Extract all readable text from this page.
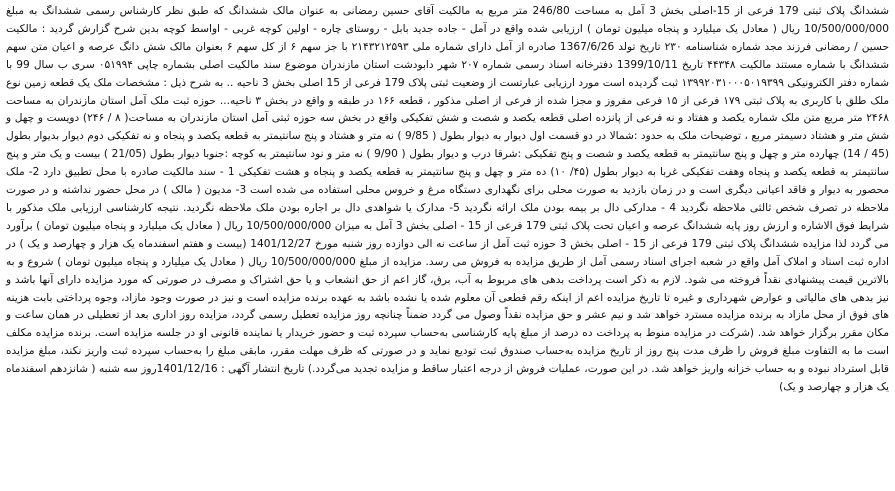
ششدانگ پلاک ثبتی 179 فرعی از 15-اصلی بخش 3 آمل به مساحت 246/80 متر مربع به مالکیت آقای حسین رمضانی به عنوان مالک ششدانگ که طبق نظر کارشناس رسمی ششدانگ به مبلغ 10/500/000/000 ریال ( معادل یک میلیارد و پنجاه میلیون تومان ) ارزیابی شده واقع در آمل - جاده جدید بابل - روستای چاره - اولین کوچه غربی - اواسط کوچه بدین شرح گزارش گردید : مالکیت حسین / رمضانی فرزند مجد شماره شناسنامه ۲۳۰ تاریخ تولد 1367/6/26 صادره از آمل دارای شماره ملی ۲۱۴۳۲۱۲۵۹۳ با جز سهم ۶ از کل سهم ۶ بعنوان مالک شش دانگ عرصه و اعیان متن سهم ششدانگ با شماره مستند مالکیت ۴۴۳۴۸ تاریخ 1399/10/11 دفترخانه اسناد رسمی شماره ۲۰۷ شهر دابودشت استان مازندران موضوع سند مالکیت اصلی بشماره چاپی ۰۵۱۹۹۴ سری ب سال 99 با شماره دفتر الکترونیکی ۱۳۹۹۲۰۳۱۰۰۰۵۰۱۹۳۹۹ ثبت گردیده است مورد ارزیابی عبارتست از وضعیت ثبتی پلاک 179 فرعی از 15 اصلی بخش 3 ناحیه .. به شرح ذیل : مشخصات ملک یک قطعه زمین نوع ملک طلق با کاربری به پلاک ثبتی ۱۷۹ فرعی از ۱۵ فرعی مفروز و مجزا شده از فرعی از اصلی مذکور ، قطعه ۱۶۶ در طبقه و واقع در بخش ۳ ناحیه... حوزه ثبت ملک آمل استان مازندران به مساحت ۲۴۶۸ متر مربع متن ملک شماره یکصد و هفتاد و نه فرعی از پانزده اصلی قطعه یکصد و شصت و شش تفکیکی واقع در بخش سه حوزه ثبتی آمل استان مازندران به مساحت( ۸ / ۲۴۶) دویست و چهل و شش متر و هشتاد دسیمتر مربع ، توضیحات ملک به حدود :شمالا در دو قسمت اول دیوار به دیوار بطول ( 9/85 ) نه متر و هشتاد و پنج سانتیمتر به قطعه یکصد و پنجاه و نه تفکیکی دوم دیوار بدیوار بطول (45 / 14) چهارده متر و چهل و پنج سانتیمتر به قطعه یکصد و شصت و پنج تفکیکی :شرقا درب و دیوار بطول ( 9/90 ) نه متر و نود سانتیمتر به کوچه :جنوبا دیوار بطول (21/05 ) بیست و یک متر و پنج سانتیمتر به قطعه یکصد و پنجاه وهفت تفکیکی غربا به دیوار بطول (۴۵/ ۱۰) ده متر و چهل و پنج سانتیمتر به قطعه یکصد و پنجاه و هشت تفکیکی 1 - سند مالکیت صادره با محل تطبیق دارد 2- ملک محصور به دیوار و فاقد اعیانی دیگری است و در زمان بازدید به صورت محلی برای نگهداری دستگاه مرغ و خروس محلی استفاده می شده است 3- مدیون ( مالک ) در محل حضور نداشته و در صورت ملاحظه در تصرف شخص ثالثی ملاحظه نگردید 4 - مدارکی دال بر بیمه بودن ملک ارائه نگردید 5- مدارک یا شواهدی دال بر اجاره بودن ملک ملاحظه نگردید. نتیجه کارشناسی ارزیابی ملک مذکور با شرایط فوق الاشاره و ارزش روز پایه ششدانگ عرصه و اعیان تحت پلاک ثبتی 179 فرعی از 15 - اصلی بخش 3 آمل به میزان 10/500/000/000 ریال ( معادل یک میلیارد و پنجاه میلیون تومان ) برآورد می گردد لذا مزایده ششدانگ پلاک ثبتی 179 فرعی از 15 - اصلی بخش 3 حوزه ثبت آمل از ساعت نه الی دوازده روز شنبه مورخ 1401/12/27 (بیست و هفتم اسفندماه یک هزار و چهارصد و یک ) در اداره ثبت اسناد و املاک آمل واقع در شعبه اجرای اسناد رسمی آمل از طریق مزایده به فروش می رسد. مزایده از مبلغ 10/500/000/000 ریال ( معادل یک میلیارد و پنجاه میلیون تومان ) شروع و به بالاترین قیمت پیشنهادی نقداً فروخته می شود. لازم به ذکر است پرداخت بدهی های مربوط به آب، برق، گاز اعم از حق انشعاب و یا حق اشتراک و مصرف در صورتی که مورد مزایده دارای آنها باشد و نیز بدهی های مالیاتی و عوارض شهرداری و غیره تا تاریخ مزایده اعم از اینکه رقم قطعی آن معلوم شده یا نشده باشد به عهده برنده مزایده است و نیز در صورت وجود مازاد، وجوه پرداختی بابت هزینه های فوق از محل مازاد به برنده مزایده مسترد خواهد شد و نیم عشر و حق مزایده نقداً وصول می گردد ضمناً چنانچه روز مزایده تعطیل رسمی گردد، مزایده روز اداری بعد از تعطیلی در همان ساعت و مکان مقرر برگزار خواهد شد. (شرکت در مزایده منوط به پرداخت ده درصد از مبلغ پایه کارشناسی به‌حساب سپرده ثبت و حضور خریدار یا نماینده قانونی او در جلسه مزایده است. برنده مزایده مکلف است ما به التفاوت مبلغ فروش را ظرف مدت پنج روز از تاریخ مزایده به‌حساب صندوق ثبت تودیع نماید و در صورتی که ظرف مهلت مقرر، مابقی مبلغ را به‌حساب سپرده ثبت واریز نکند، مبلغ مزایده قابل استرداد نبوده و به حساب خزانه واریز خواهد شد. در این صورت، عملیات فروش از درجه اعتبار ساقط و مزایده تجدید می‌گردد.) تاریخ انتشار آگهی : 1401/12/16روز سه شنبه ( شانزدهم اسفندماه یک هزار و چهارصد و یک)
